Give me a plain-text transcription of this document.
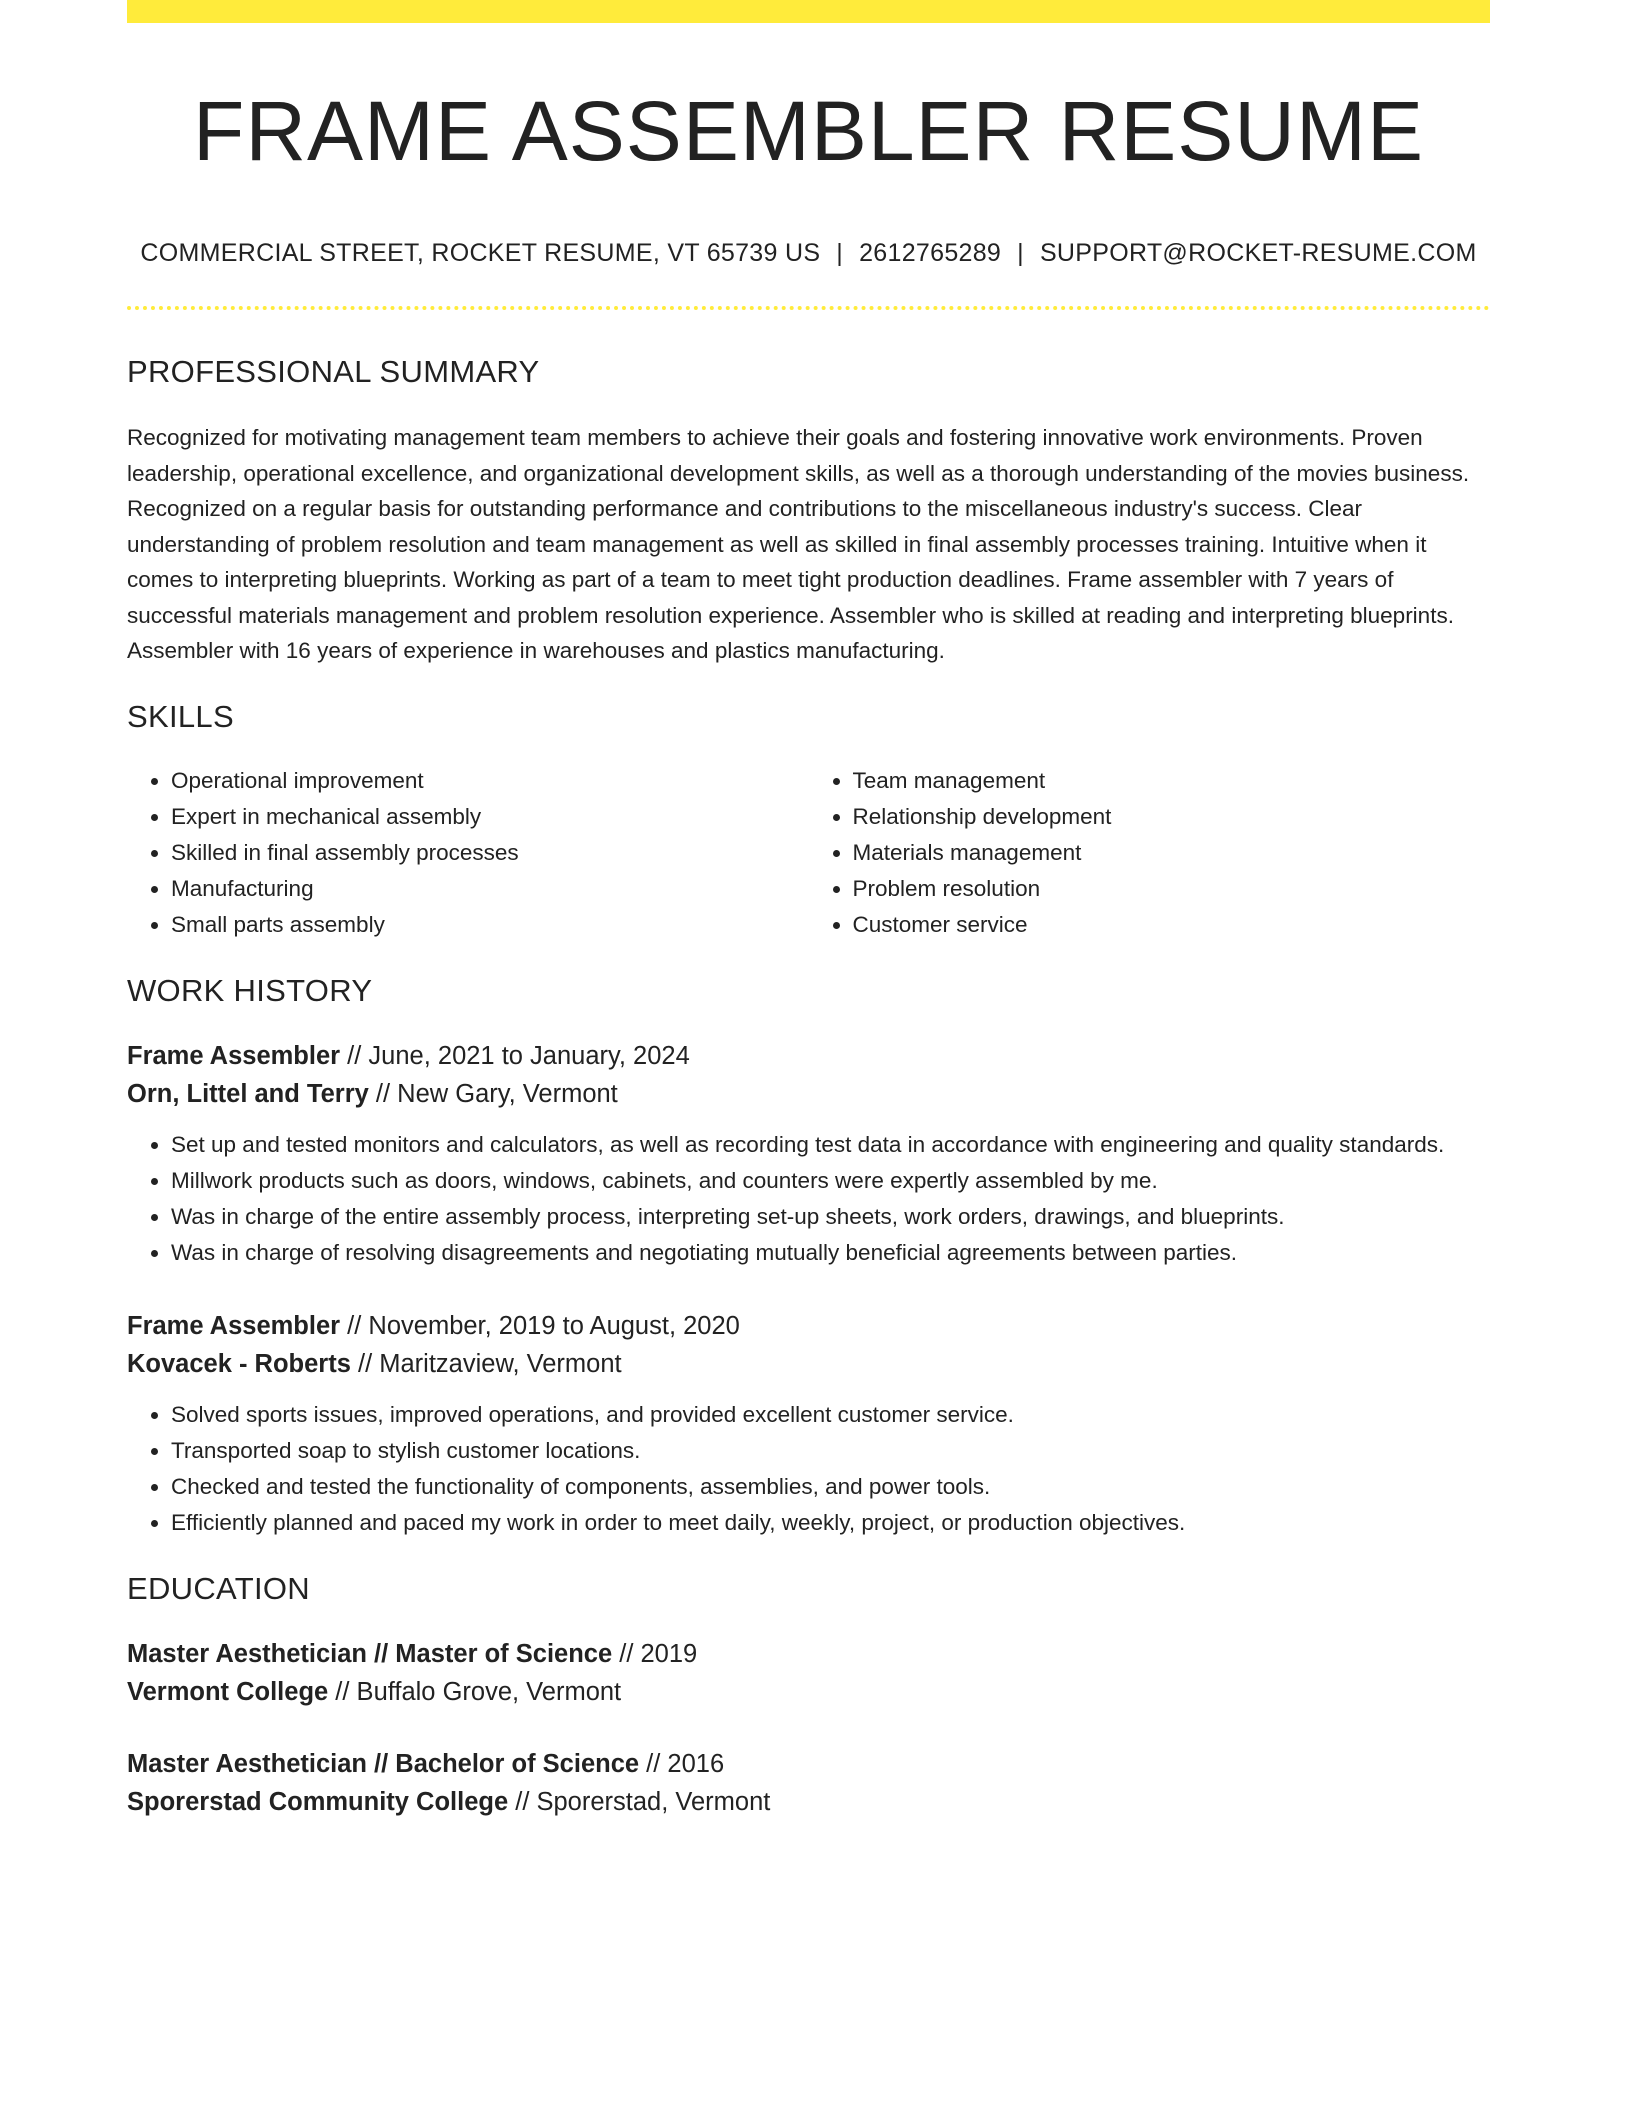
FRAME ASSEMBLER RESUME
COMMERCIAL STREET, ROCKET RESUME, VT 65739 US | 2612765289 | SUPPORT@ROCKET-RESUME.COM
PROFESSIONAL SUMMARY

Recognized for motivating management team members to achieve their goals and fostering innovative work environments. Proven leadership, operational excellence, and organizational development skills, as well as a thorough understanding of the movies business. Recognized on a regular basis for outstanding performance and contributions to the miscellaneous industry's success. Clear understanding of problem resolution and team management as well as skilled in final assembly processes training. Intuitive when it comes to interpreting blueprints. Working as part of a team to meet tight production deadlines. Frame assembler with 7 years of successful materials management and problem resolution experience. Assembler who is skilled at reading and interpreting blueprints. Assembler with 16 years of experience in warehouses and plastics manufacturing.

SKILLS
• Operational improvement
• Expert in mechanical assembly
• Skilled in final assembly processes
• Manufacturing
• Small parts assembly
• Team management
• Relationship development
• Materials management
• Problem resolution
• Customer service
WORK HISTORY
Frame Assembler // June, 2021 to January, 2024
Orn, Littel and Terry // New Gary, Vermont
• Set up and tested monitors and calculators, as well as recording test data in accordance with engineering and quality standards.
• Millwork products such as doors, windows, cabinets, and counters were expertly assembled by me.
• Was in charge of the entire assembly process, interpreting set-up sheets, work orders, drawings, and blueprints.
• Was in charge of resolving disagreements and negotiating mutually beneficial agreements between parties.
Frame Assembler // November, 2019 to August, 2020
Kovacek - Roberts // Maritzaview, Vermont
• Solved sports issues, improved operations, and provided excellent customer service.
• Transported soap to stylish customer locations.
• Checked and tested the functionality of components, assemblies, and power tools.
• Efficiently planned and paced my work in order to meet daily, weekly, project, or production objectives.
EDUCATION
Master Aesthetician // Master of Science // 2019
Vermont College // Buffalo Grove, Vermont
Master Aesthetician // Bachelor of Science // 2016
Sporerstad Community College // Sporerstad, Vermont
